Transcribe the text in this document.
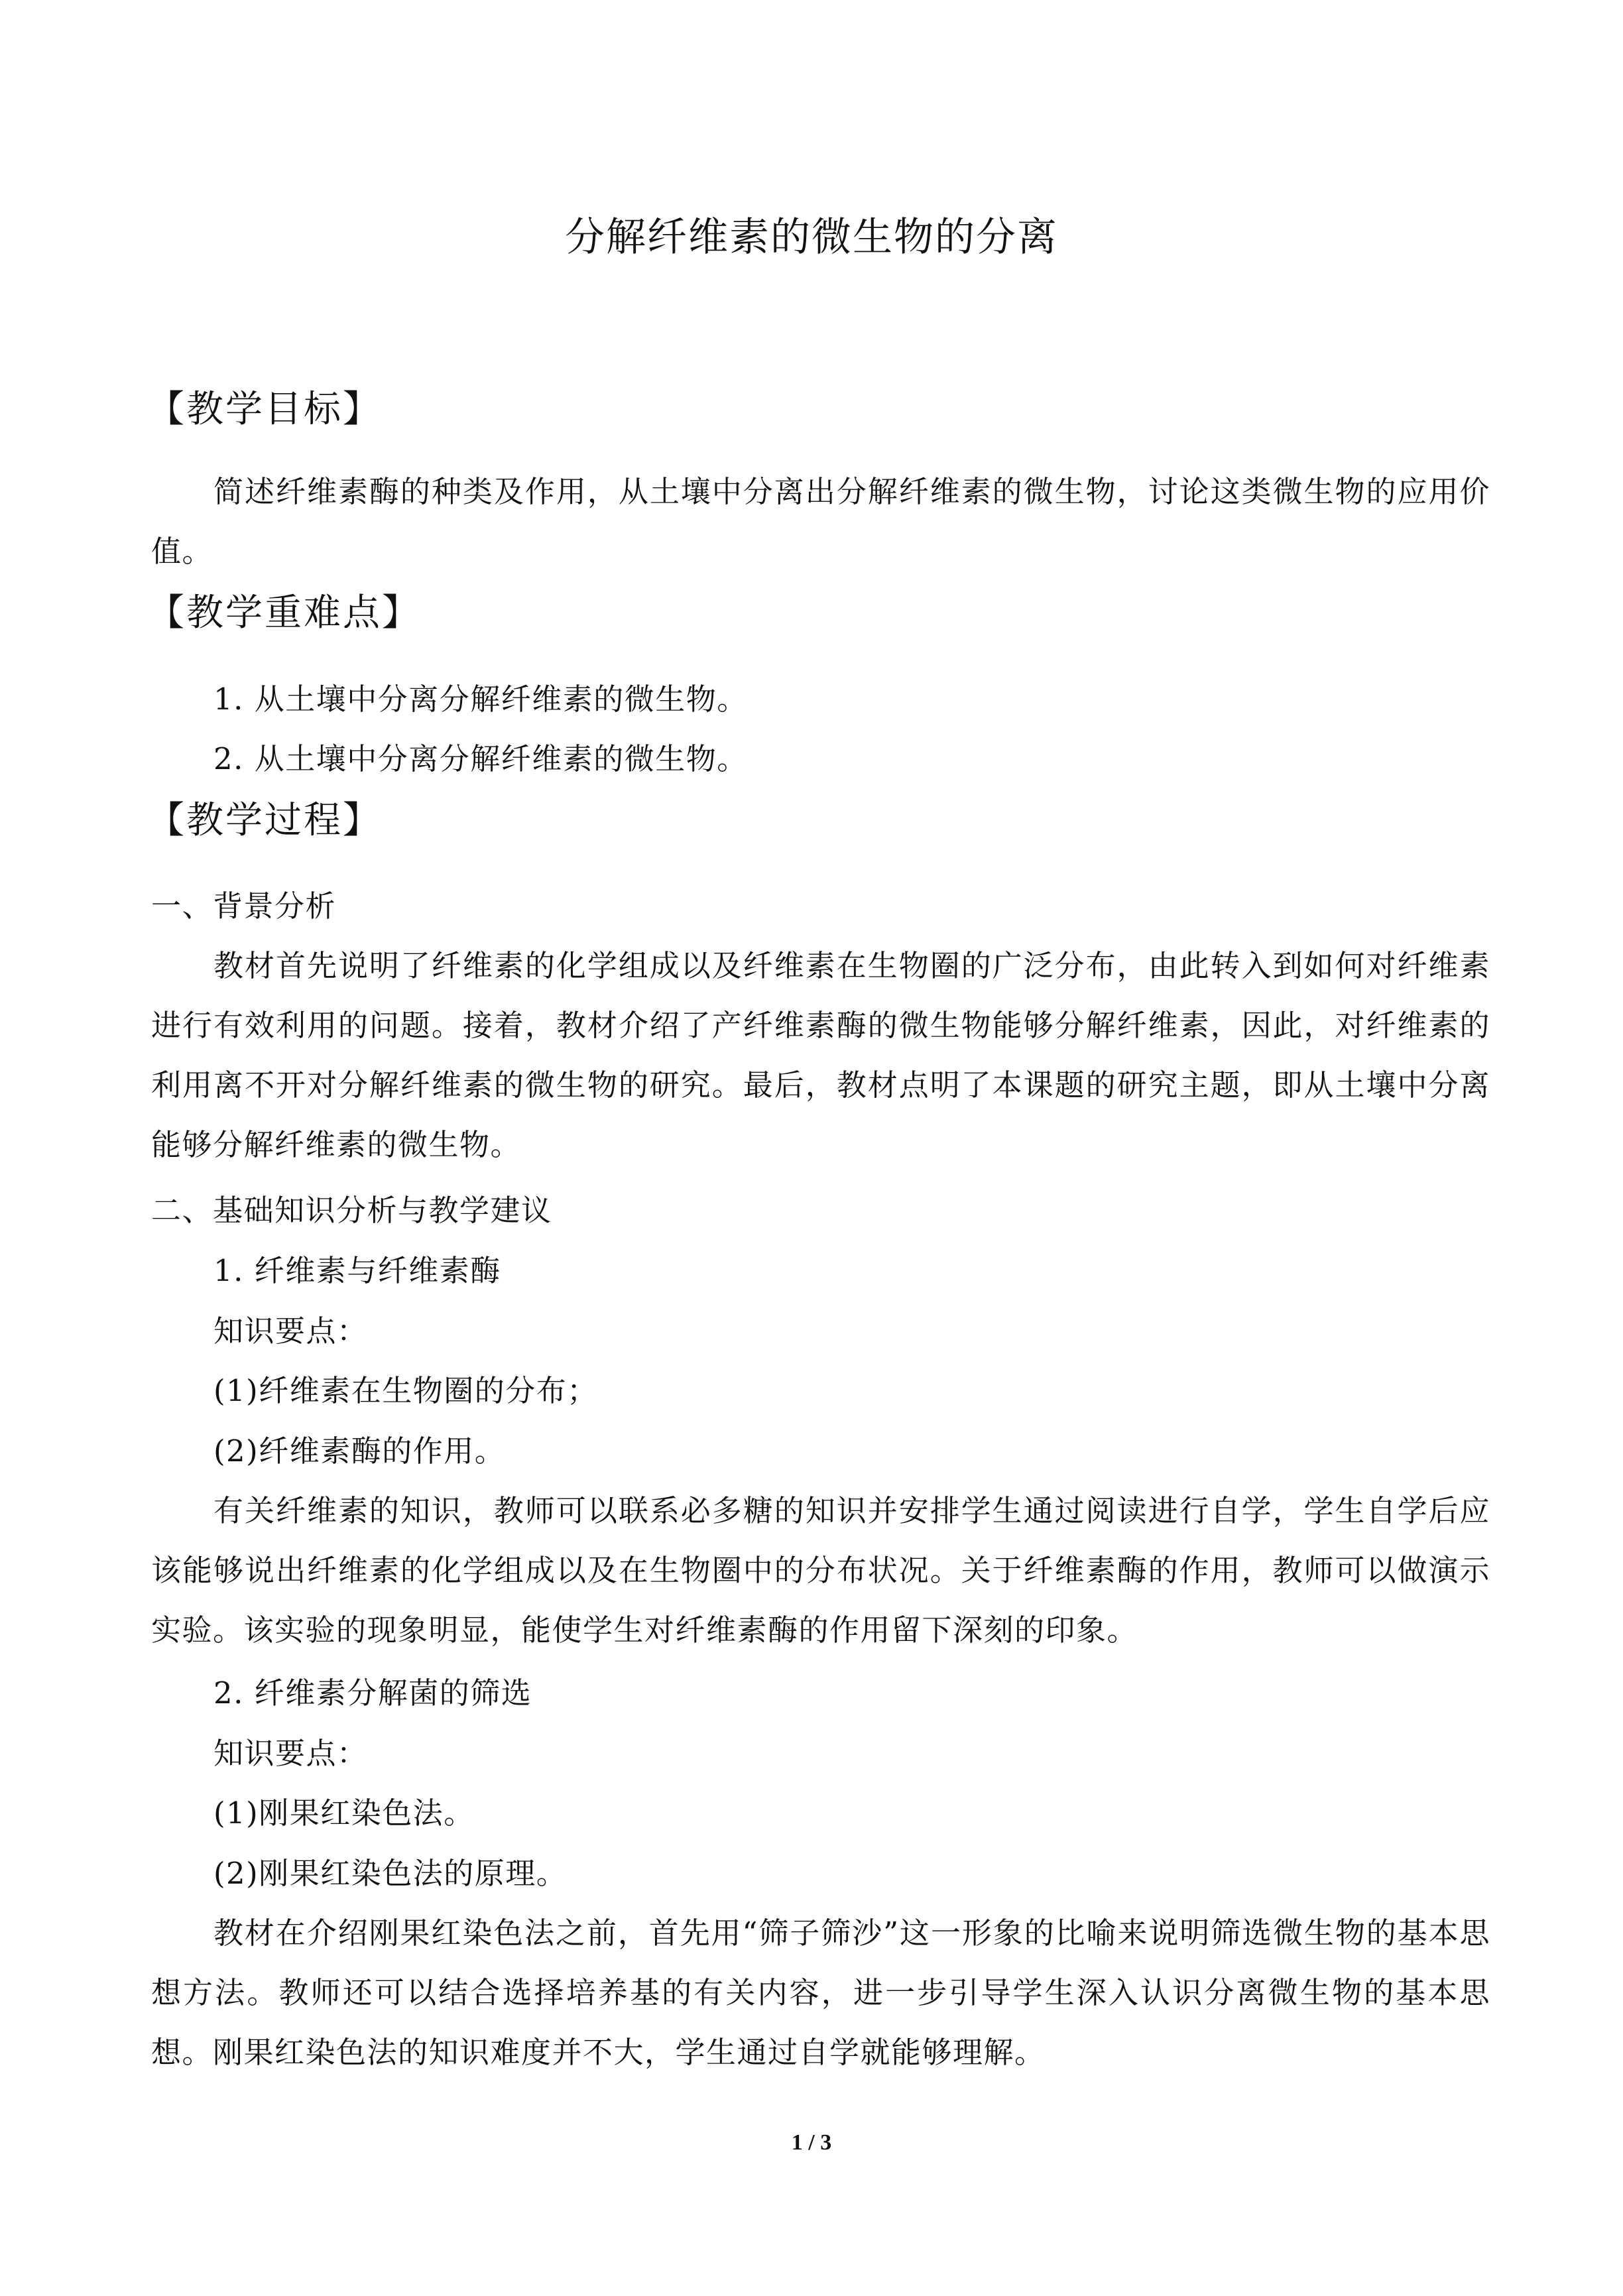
分解纤维素的微生物的分离
【教学目标】
简述纤维素酶的种类及作用，从土壤中分离出分解纤维素的微生物，讨论这类微生物的应用价值。
【教学重难点】
1. 从土壤中分离分解纤维素的微生物。
2. 从土壤中分离分解纤维素的微生物。
【教学过程】
一、背景分析
教材首先说明了纤维素的化学组成以及纤维素在生物圈的广泛分布，由此转入到如何对纤维素进行有效利用的问题。接着，教材介绍了产纤维素酶的微生物能够分解纤维素，因此，对纤维素的利用离不开对分解纤维素的微生物的研究。最后，教材点明了本课题的研究主题，即从土壤中分离能够分解纤维素的微生物。
二、基础知识分析与教学建议
1. 纤维素与纤维素酶
知识要点：
(1)纤维素在生物圈的分布；
(2)纤维素酶的作用。
有关纤维素的知识，教师可以联系必多糖的知识并安排学生通过阅读进行自学，学生自学后应该能够说出纤维素的化学组成以及在生物圈中的分布状况。关于纤维素酶的作用，教师可以做演示实验。该实验的现象明显，能使学生对纤维素酶的作用留下深刻的印象。
2. 纤维素分解菌的筛选
知识要点：
(1)刚果红染色法。
(2)刚果红染色法的原理。
教材在介绍刚果红染色法之前，首先用“筛子筛沙”这一形象的比喻来说明筛选微生物的基本思想方法。教师还可以结合选择培养基的有关内容，进一步引导学生深入认识分离微生物的基本思想。刚果红染色法的知识难度并不大，学生通过自学就能够理解。
1 / 3
